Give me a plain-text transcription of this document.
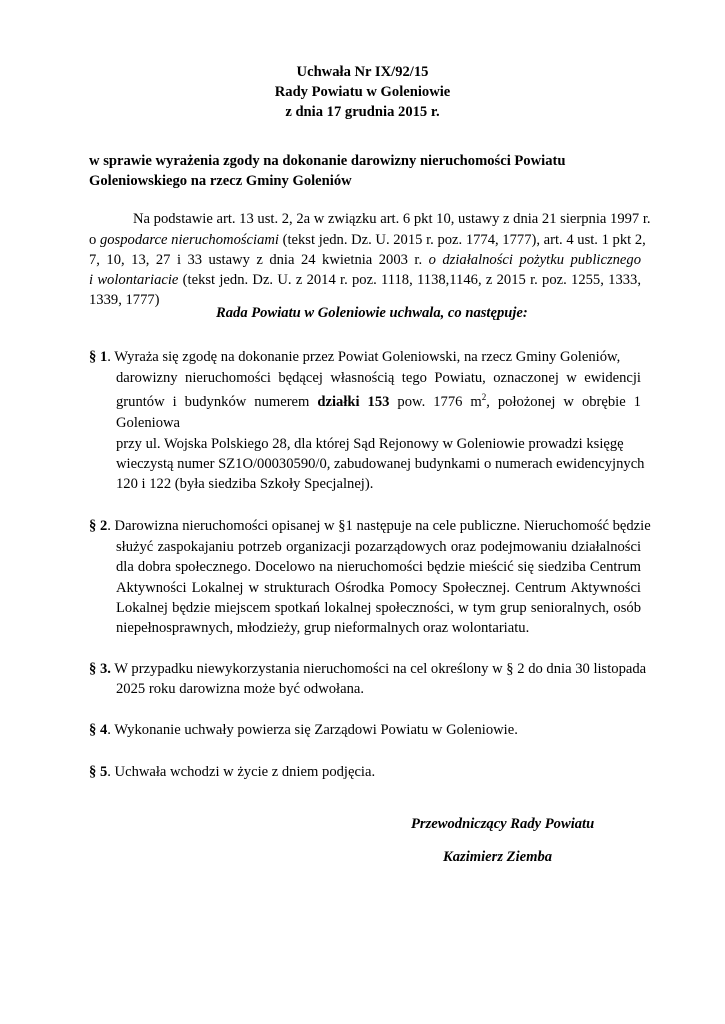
Uchwała Nr IX/92/15
Rady Powiatu w Goleniowie
z dnia 17 grudnia 2015 r.
w sprawie wyrażenia zgody na dokonanie darowizny nieruchomości Powiatu
Goleniowskiego na rzecz Gminy Goleniów
Na podstawie art. 13 ust. 2, 2a w związku art. 6 pkt 10, ustawy z dnia 21 sierpnia 1997 r.
o gospodarce nieruchomościami (tekst jedn. Dz. U. 2015 r. poz. 1774, 1777), art. 4 ust. 1 pkt 2,
7, 10, 13, 27 i 33 ustawy z dnia 24 kwietnia 2003 r. o działalności pożytku publicznego
i wolontariacie (tekst jedn. Dz. U. z 2014 r. poz. 1118, 1138,1146, z 2015 r. poz. 1255, 1333,
1339, 1777)
Rada Powiatu w Goleniowie uchwala, co następuje:
§ 1. Wyraża się zgodę na dokonanie przez Powiat Goleniowski, na rzecz Gminy Goleniów,
darowizny nieruchomości będącej własnością tego Powiatu, oznaczonej w ewidencji
gruntów i budynków numerem działki 153 pow. 1776 $m^2$, położonej w obrębie 1
Goleniowa
przy ul. Wojska Polskiego 28, dla której Sąd Rejonowy w Goleniowie prowadzi księgę
wieczystą numer SZ1O/00030590/0, zabudowanej budynkami o numerach ewidencyjnych
120 i 122 (była siedziba Szkoły Specjalnej).
§ 2. Darowizna nieruchomości opisanej w §1 następuje na cele publiczne. Nieruchomość będzie
służyć zaspokajaniu potrzeb organizacji pozarządowych oraz podejmowaniu działalności
dla dobra społecznego. Docelowo na nieruchomości będzie mieścić się siedziba Centrum
Aktywności Lokalnej w strukturach Ośrodka Pomocy Społecznej. Centrum Aktywności
Lokalnej będzie miejscem spotkań lokalnej społeczności, w tym grup senioralnych, osób
niepełnosprawnych, młodzieży, grup nieformalnych oraz wolontariatu.
§ 3. W przypadku niewykorzystania nieruchomości na cel określony w § 2 do dnia 30 listopada
2025 roku darowizna może być odwołana.
§ 4. Wykonanie uchwały powierza się Zarządowi Powiatu w Goleniowie.
§ 5. Uchwała wchodzi w życie z dniem podjęcia.
Przewodniczący Rady Powiatu
Kazimierz Ziemba
